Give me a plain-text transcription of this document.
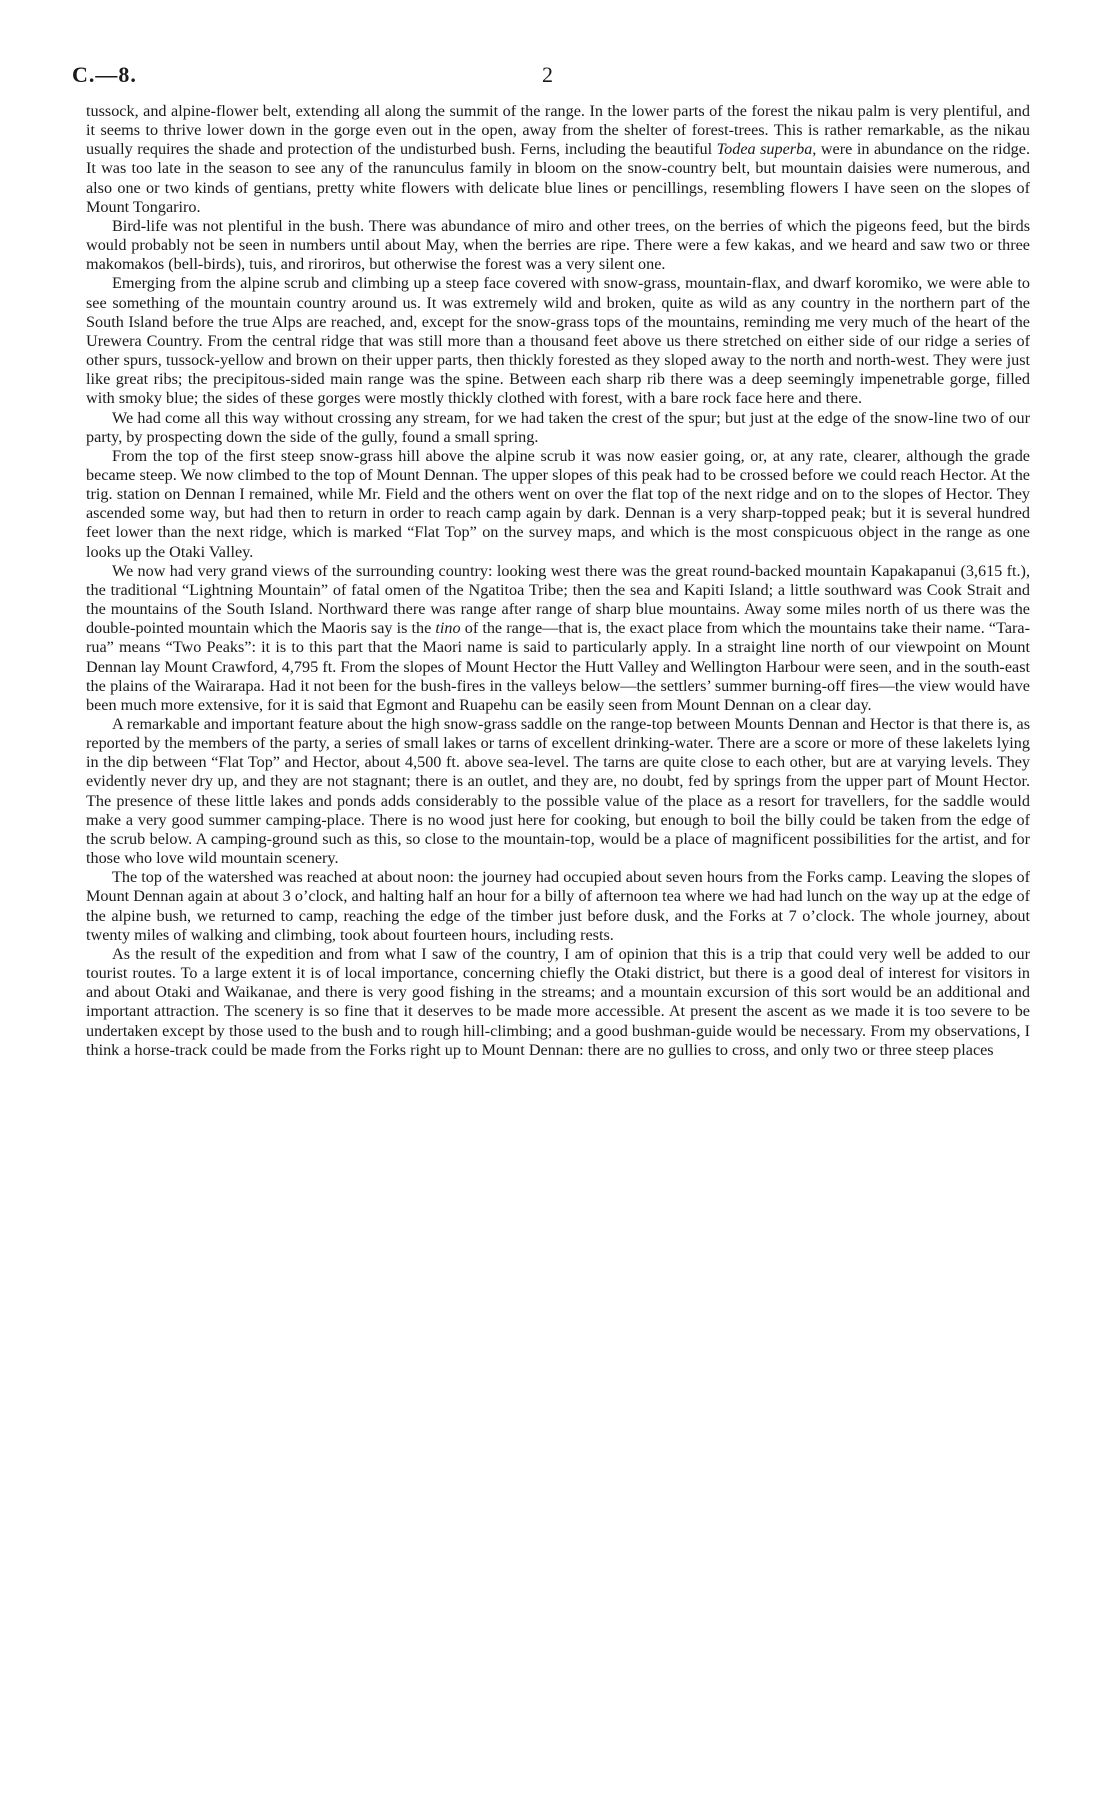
C.—8.	2

tussock, and alpine-flower belt, extending all along the summit of the range. In the lower parts of the forest the nikau palm is very plentiful, and it seems to thrive lower down in the gorge even out in the open, away from the shelter of forest-trees. This is rather remarkable, as the nikau usually requires the shade and protection of the undisturbed bush. Ferns, including the beautiful Todea superba, were in abundance on the ridge. It was too late in the season to see any of the ranunculus family in bloom on the snow-country belt, but mountain daisies were numerous, and also one or two kinds of gentians, pretty white flowers with delicate blue lines or pencillings, resembling flowers I have seen on the slopes of Mount Tongariro.

Bird-life was not plentiful in the bush. There was abundance of miro and other trees, on the berries of which the pigeons feed, but the birds would probably not be seen in numbers until about May, when the berries are ripe. There were a few kakas, and we heard and saw two or three makomakos (bell-birds), tuis, and riroriros, but otherwise the forest was a very silent one.

Emerging from the alpine scrub and climbing up a steep face covered with snow-grass, mountain-flax, and dwarf koromiko, we were able to see something of the mountain country around us. It was extremely wild and broken, quite as wild as any country in the northern part of the South Island before the true Alps are reached, and, except for the snow-grass tops of the mountains, reminding me very much of the heart of the Urewera Country. From the central ridge that was still more than a thousand feet above us there stretched on either side of our ridge a series of other spurs, tussock-yellow and brown on their upper parts, then thickly forested as they sloped away to the north and north-west. They were just like great ribs; the precipitous-sided main range was the spine. Between each sharp rib there was a deep seemingly impenetrable gorge, filled with smoky blue; the sides of these gorges were mostly thickly clothed with forest, with a bare rock face here and there.

We had come all this way without crossing any stream, for we had taken the crest of the spur; but just at the edge of the snow-line two of our party, by prospecting down the side of the gully, found a small spring.

From the top of the first steep snow-grass hill above the alpine scrub it was now easier going, or, at any rate, clearer, although the grade became steep. We now climbed to the top of Mount Dennan. The upper slopes of this peak had to be crossed before we could reach Hector. At the trig. station on Dennan I remained, while Mr. Field and the others went on over the flat top of the next ridge and on to the slopes of Hector. They ascended some way, but had then to return in order to reach camp again by dark. Dennan is a very sharp-topped peak; but it is several hundred feet lower than the next ridge, which is marked “Flat Top” on the survey maps, and which is the most conspicuous object in the range as one looks up the Otaki Valley.

We now had very grand views of the surrounding country: looking west there was the great round-backed mountain Kapakapanui (3,615 ft.), the traditional “Lightning Mountain” of fatal omen of the Ngatitoa Tribe; then the sea and Kapiti Island; a little southward was Cook Strait and the mountains of the South Island. Northward there was range after range of sharp blue mountains. Away some miles north of us there was the double-pointed mountain which the Maoris say is the tino of the range—that is, the exact place from which the mountains take their name. “Tara-rua” means “Two Peaks”: it is to this part that the Maori name is said to particularly apply. In a straight line north of our viewpoint on Mount Dennan lay Mount Crawford, 4,795 ft. From the slopes of Mount Hector the Hutt Valley and Wellington Harbour were seen, and in the south-east the plains of the Wairarapa. Had it not been for the bush-fires in the valleys below—the settlers’ summer burning-off fires—the view would have been much more extensive, for it is said that Egmont and Ruapehu can be easily seen from Mount Dennan on a clear day.

A remarkable and important feature about the high snow-grass saddle on the range-top between Mounts Dennan and Hector is that there is, as reported by the members of the party, a series of small lakes or tarns of excellent drinking-water. There are a score or more of these lakelets lying in the dip between “Flat Top” and Hector, about 4,500 ft. above sea-level. The tarns are quite close to each other, but are at varying levels. They evidently never dry up, and they are not stagnant; there is an outlet, and they are, no doubt, fed by springs from the upper part of Mount Hector. The presence of these little lakes and ponds adds considerably to the possible value of the place as a resort for travellers, for the saddle would make a very good summer camping-place. There is no wood just here for cooking, but enough to boil the billy could be taken from the edge of the scrub below. A camping-ground such as this, so close to the mountain-top, would be a place of magnificent possibilities for the artist, and for those who love wild mountain scenery.

The top of the watershed was reached at about noon: the journey had occupied about seven hours from the Forks camp. Leaving the slopes of Mount Dennan again at about 3 o’clock, and halting half an hour for a billy of afternoon tea where we had had lunch on the way up at the edge of the alpine bush, we returned to camp, reaching the edge of the timber just before dusk, and the Forks at 7 o’clock. The whole journey, about twenty miles of walking and climbing, took about fourteen hours, including rests.

As the result of the expedition and from what I saw of the country, I am of opinion that this is a trip that could very well be added to our tourist routes. To a large extent it is of local importance, concerning chiefly the Otaki district, but there is a good deal of interest for visitors in and about Otaki and Waikanae, and there is very good fishing in the streams; and a mountain excursion of this sort would be an additional and important attraction. The scenery is so fine that it deserves to be made more accessible. At present the ascent as we made it is too severe to be undertaken except by those used to the bush and to rough hill-climbing; and a good bushman-guide would be necessary. From my observations, I think a horse-track could be made from the Forks right up to Mount Dennan: there are no gullies to cross, and only two or three steep places
